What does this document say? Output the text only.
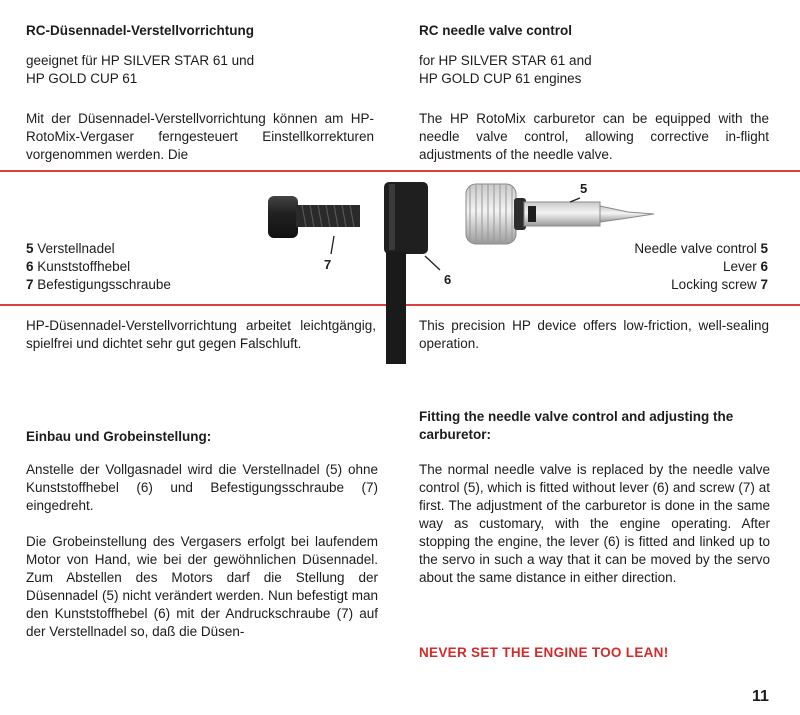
RC-Düsennadel-Verstellvorrichtung
geeignet für HP SILVER STAR 61 und
HP GOLD CUP 61
Mit der Düsennadel-Verstellvorrichtung können am HP-RotoMix-Vergaser ferngesteuert Einstellkorrekturen vorgenommen werden. Die
RC needle valve control
for HP SILVER STAR 61 and
HP GOLD CUP 61 engines
The HP RotoMix carburetor can be equipped with the needle valve control, allowing corrective in-flight adjustments of the needle valve.
5
7
6
5 Verstellnadel
6 Kunststoffhebel
7 Befestigungsschraube
Needle valve control 5
Lever 6
Locking screw 7
HP-Düsennadel-Verstellvorrichtung arbeitet leichtgängig, spielfrei und dichtet sehr gut gegen Falschluft.
This precision HP device offers low-friction, well-sealing operation.
Einbau und Grobeinstellung:
Fitting the needle valve control and adjusting the carburetor:
Anstelle der Vollgasnadel wird die Verstellnadel (5) ohne Kunststoffhebel (6) und Befestigungsschraube (7) eingedreht.
Die Grobeinstellung des Vergasers erfolgt bei laufendem Motor von Hand, wie bei der gewöhnlichen Düsennadel. Zum Abstellen des Motors darf die Stellung der Düsennadel (5) nicht verändert werden. Nun befestigt man den Kunststoffhebel (6) mit der Andruckschraube (7) auf der Verstellnadel so, daß die Düsen-
The normal needle valve is replaced by the needle valve control (5), which is fitted without lever (6) and screw (7) at first. The adjustment of the carburetor is done in the same way as customary, with the engine operating. After stopping the engine, the lever (6) is fitted and linked up to the servo in such a way that it can be moved by the servo about the same distance in either direction.
NEVER SET THE ENGINE TOO LEAN!
11
